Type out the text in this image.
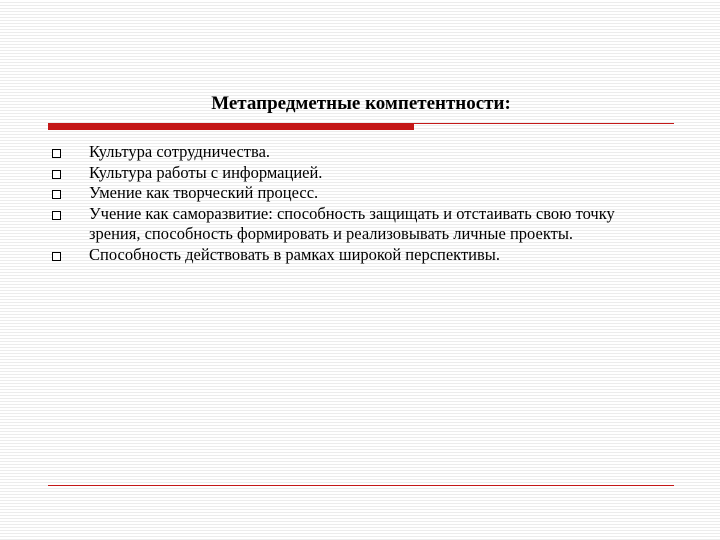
Метапредметные компетентности:
Культура сотрудничества.
Культура работы с информацией.
Умение как творческий процесс.
Учение как саморазвитие: способность защищать и отстаивать свою точку зрения, способность формировать и реализовывать личные проекты.
Способность действовать в рамках широкой перспективы.
